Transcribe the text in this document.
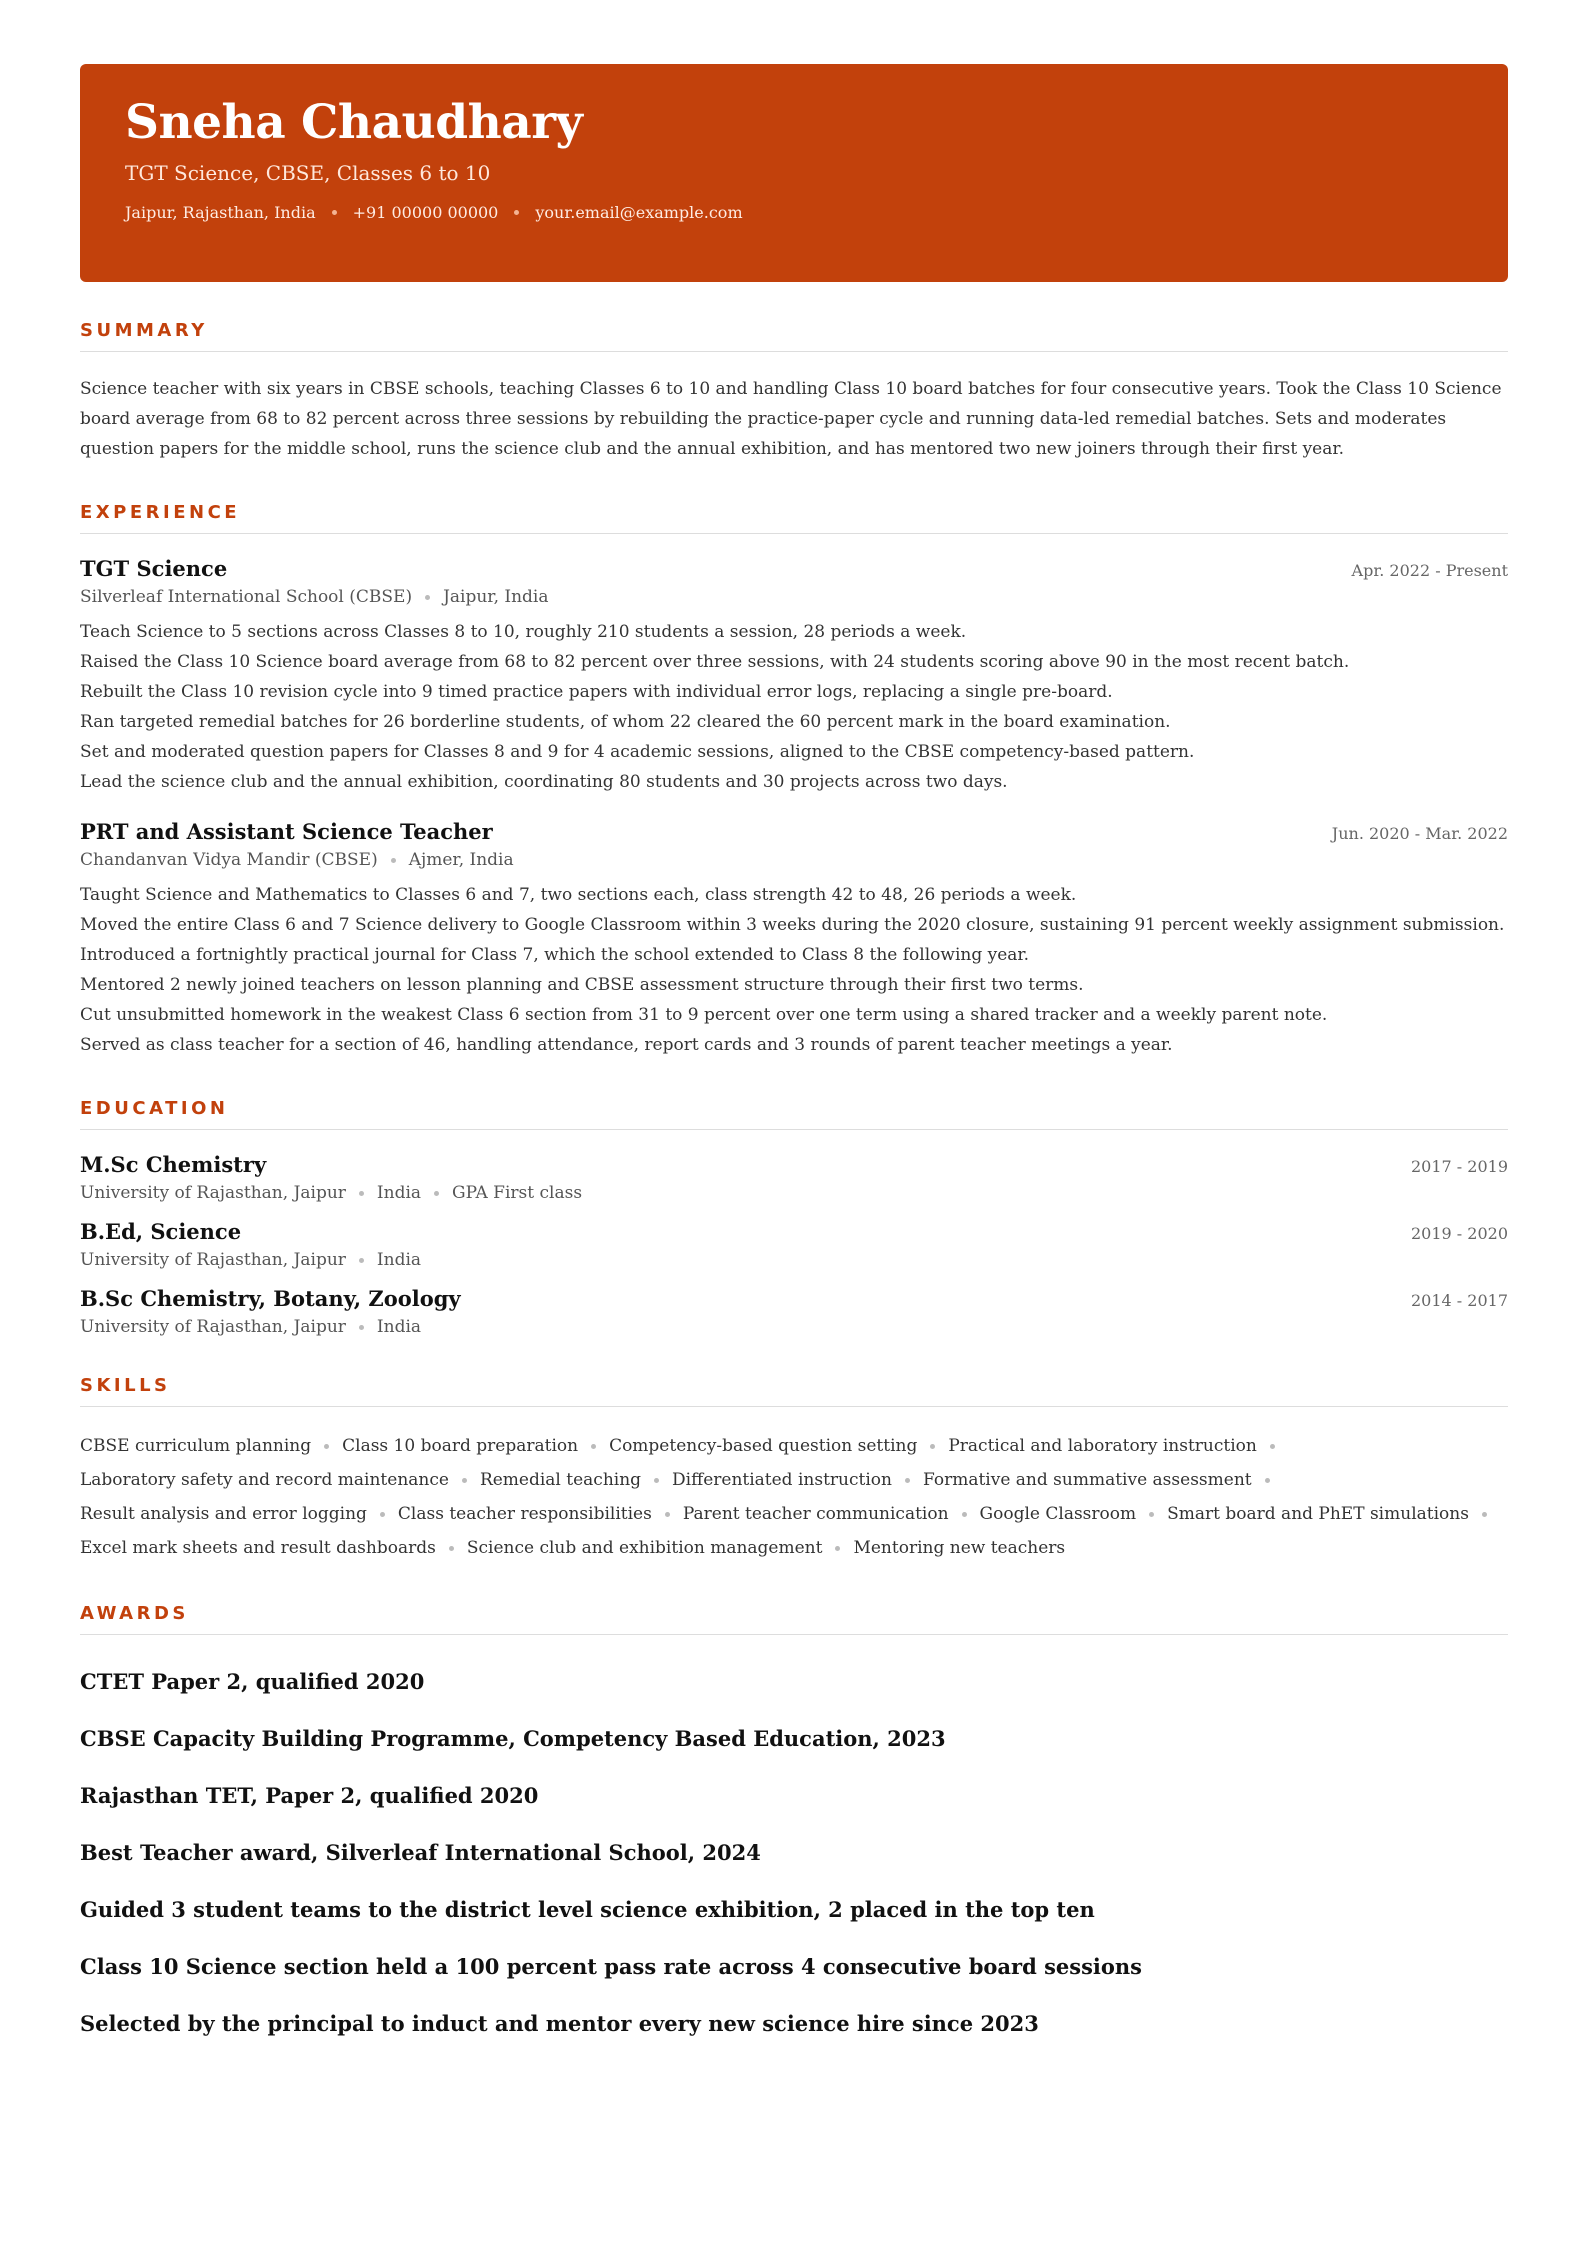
Sneha Chaudhary
TGT Science, CBSE, Classes 6 to 10
Jaipur, Rajasthan, India +91 00000 00000 your.email@example.com
SUMMARY

Science teacher with six years in CBSE schools, teaching Classes 6 to 10 and handling Class 10 board batches for four consecutive years. Took the Class 10 Science board average from 68 to 82 percent across three sessions by rebuilding the practice-paper cycle and running data-led remedial batches. Sets and moderates question papers for the middle school, runs the science club and the annual exhibition, and has mentored two new joiners through their first year.

EXPERIENCE
TGT Science	Apr. 2022 - Present
Silverleaf International School (CBSE) Jaipur, India
Teach Science to 5 sections across Classes 8 to 10, roughly 210 students a session, 28 periods a week.
Raised the Class 10 Science board average from 68 to 82 percent over three sessions, with 24 students scoring above 90 in the most recent batch.
Rebuilt the Class 10 revision cycle into 9 timed practice papers with individual error logs, replacing a single pre-board.
Ran targeted remedial batches for 26 borderline students, of whom 22 cleared the 60 percent mark in the board examination.
Set and moderated question papers for Classes 8 and 9 for 4 academic sessions, aligned to the CBSE competency-based pattern.
Lead the science club and the annual exhibition, coordinating 80 students and 30 projects across two days.
PRT and Assistant Science Teacher	Jun. 2020 - Mar. 2022
Chandanvan Vidya Mandir (CBSE) Ajmer, India
Taught Science and Mathematics to Classes 6 and 7, two sections each, class strength 42 to 48, 26 periods a week.
Moved the entire Class 6 and 7 Science delivery to Google Classroom within 3 weeks during the 2020 closure, sustaining 91 percent weekly assignment submission.
Introduced a fortnightly practical journal for Class 7, which the school extended to Class 8 the following year.
Mentored 2 newly joined teachers on lesson planning and CBSE assessment structure through their first two terms.
Cut unsubmitted homework in the weakest Class 6 section from 31 to 9 percent over one term using a shared tracker and a weekly parent note.
Served as class teacher for a section of 46, handling attendance, report cards and 3 rounds of parent teacher meetings a year.
EDUCATION
M.Sc Chemistry	2017 - 2019
University of Rajasthan, Jaipur India GPA First class
B.Ed, Science	2019 - 2020
University of Rajasthan, Jaipur India
B.Sc Chemistry, Botany, Zoology	2014 - 2017
University of Rajasthan, Jaipur India
SKILLS
CBSE curriculum planning Class 10 board preparation Competency-based question setting Practical and laboratory instruction
Laboratory safety and record maintenance Remedial teaching Differentiated instruction Formative and summative assessment
Result analysis and error logging Class teacher responsibilities Parent teacher communication Google Classroom Smart board and PhET simulations
Excel mark sheets and result dashboards Science club and exhibition management Mentoring new teachers
AWARDS
CTET Paper 2, qualified 2020
CBSE Capacity Building Programme, Competency Based Education, 2023
Rajasthan TET, Paper 2, qualified 2020
Best Teacher award, Silverleaf International School, 2024
Guided 3 student teams to the district level science exhibition, 2 placed in the top ten
Class 10 Science section held a 100 percent pass rate across 4 consecutive board sessions
Selected by the principal to induct and mentor every new science hire since 2023
